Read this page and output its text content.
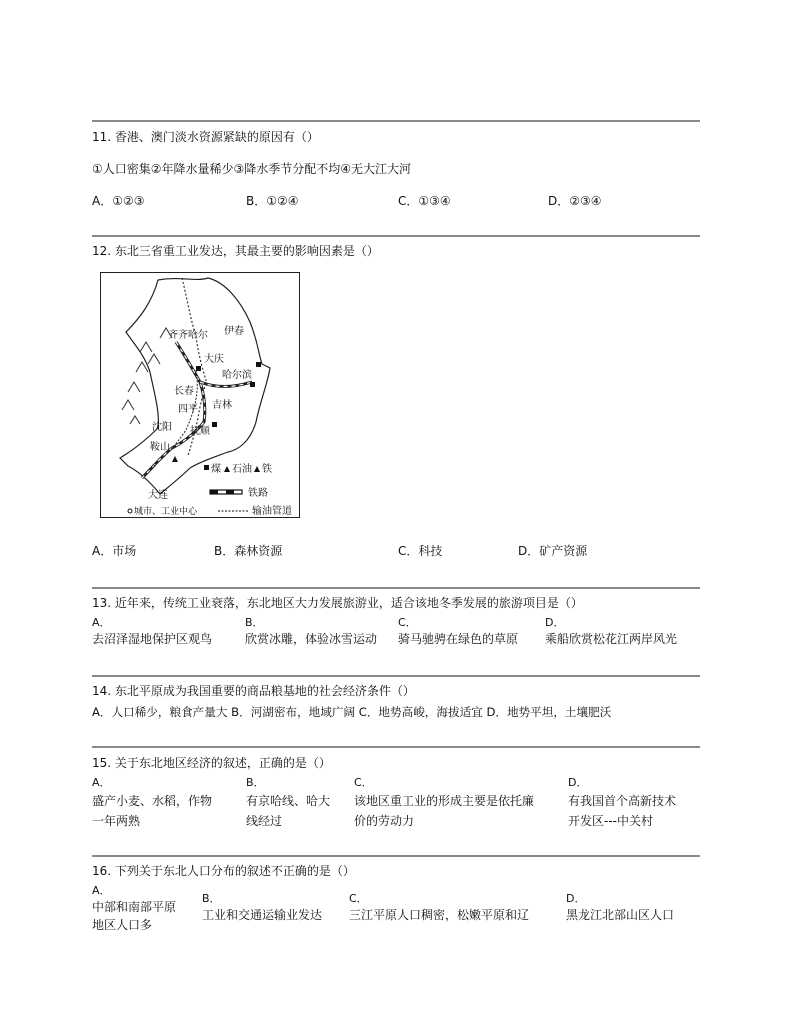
11. 香港、澳门淡水资源紧缺的原因有（）
①人口密集②年降水量稀少③降水季节分配不均④无大江大河
A．①②③	B．①②④	C．①③④	D．②③④
12. 东北三省重工业发达，其最主要的影响因素是（）
齐齐哈尔 伊春
大庆
哈尔滨
长春
吉林
四平
沈阳 抚顺
鞍山
大连
煤 石油 铁
铁路
城市、工业中心	输油管道
A．市场	B．森林资源	C．科技	D．矿产资源
13. 近年来，传统工业衰落，东北地区大力发展旅游业，适合该地冬季发展的旅游项目是（）
A．	B．	C．	D．
去沼泽湿地保护区观鸟	欣赏冰雕，体验冰雪运动 骑马驰骋在绿色的草原 乘船欣赏松花江两岸风光
14. 东北平原成为我国重要的商品粮基地的社会经济条件（）
A．人口稀少，粮食产量大 B．河湖密布，地域广阔 C．地势高峻，海拔适宜 D．地势平坦，土壤肥沃
15. 关于东北地区经济的叙述，正确的是（）
A．
盛产小麦、水稻，作物
一年两熟
B．
有京哈线、哈大
线经过
C．
该地区重工业的形成主要是依托廉
价的劳动力
D．
有我国首个高新技术
开发区---中关村
16. 下列关于东北人口分布的叙述不正确的是（）
A．
中部和南部平原
地区人口多
B．
工业和交通运输业发达
C．
三江平原人口稠密，松嫩平原和辽
D．
黑龙江北部山区人口
